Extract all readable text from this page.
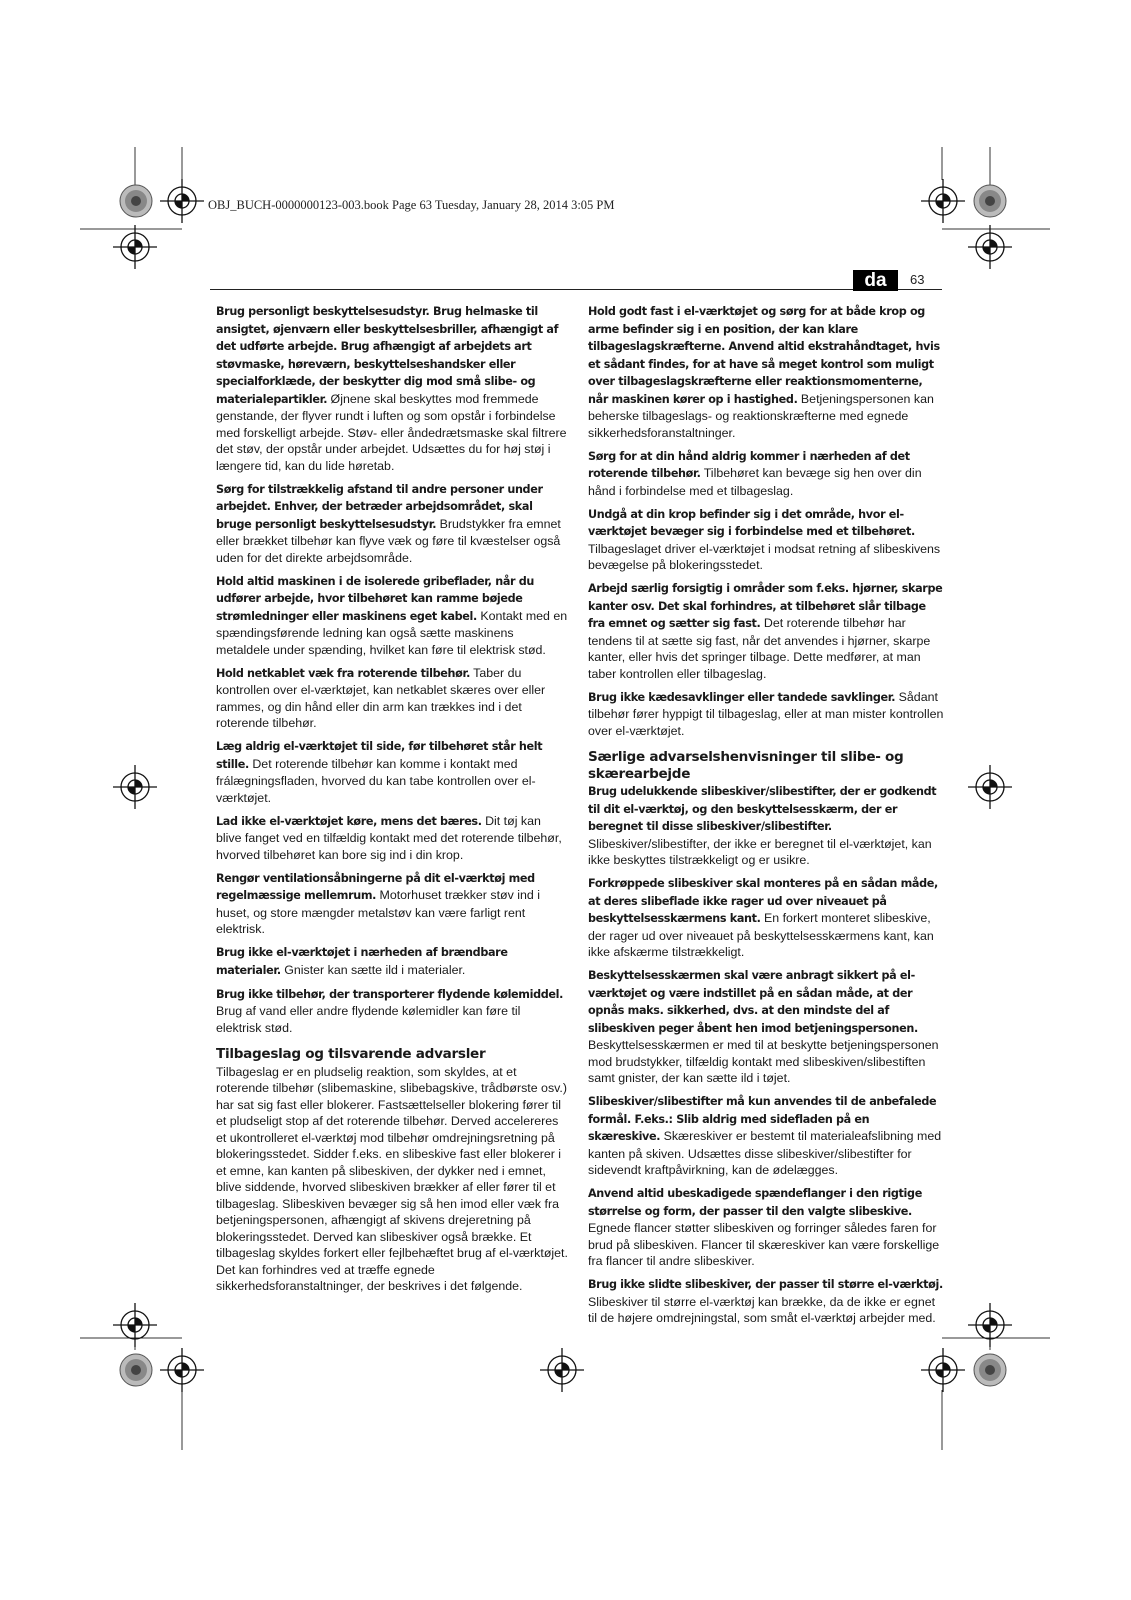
OBJ_BUCH-0000000123-003.book Page 63 Tuesday, January 28, 2014 3:05 PM
da	63

Brug personligt beskyttelsesudstyr. Brug helmaske til ansigtet, øjenværn eller beskyttelsesbriller, afhængigt af det udførte arbejde. Brug afhængigt af arbejdets art støvmaske, høreværn, beskyttelseshandsker eller specialforklæde, der beskytter dig mod små slibe- og materialepartikler. Øjnene skal beskyttes mod fremmede genstande, der flyver rundt i luften og som opstår i forbindelse med forskelligt arbejde. Støv- eller åndedrætsmaske skal filtrere det støv, der opstår under arbejdet. Udsættes du for høj støj i længere tid, kan du lide høretab.

Sørg for tilstrækkelig afstand til andre personer under arbejdet. Enhver, der betræder arbejdsområdet, skal bruge personligt beskyttelsesudstyr. Brudstykker fra emnet eller brækket tilbehør kan flyve væk og føre til kvæstelser også uden for det direkte arbejdsområde.

Hold altid maskinen i de isolerede gribeflader, når du udfører arbejde, hvor tilbehøret kan ramme bøjede strømledninger eller maskinens eget kabel. Kontakt med en spændingsførende ledning kan også sætte maskinens metaldele under spænding, hvilket kan føre til elektrisk stød.

Hold netkablet væk fra roterende tilbehør. Taber du kontrollen over el-værktøjet, kan netkablet skæres over eller rammes, og din hånd eller din arm kan trækkes ind i det roterende tilbehør.

Læg aldrig el-værktøjet til side, før tilbehøret står helt stille. Det roterende tilbehør kan komme i kontakt med frálægningsfladen, hvorved du kan tabe kontrollen over el-værktøjet.

Lad ikke el-værktøjet køre, mens det bæres. Dit tøj kan blive fanget ved en tilfældig kontakt med det roterende tilbehør, hvorved tilbehøret kan bore sig ind i din krop.

Rengør ventilationsåbningerne på dit el-værktøj med regelmæssige mellemrum. Motorhuset trækker støv ind i huset, og store mængder metalstøv kan være farligt rent elektrisk.

Brug ikke el-værktøjet i nærheden af brændbare materialer. Gnister kan sætte ild i materialer.

Brug ikke tilbehør, der transporterer flydende kølemiddel. Brug af vand eller andre flydende kølemidler kan føre til elektrisk stød.

Tilbageslag og tilsvarende advarsler

Tilbageslag er en pludselig reaktion, som skyldes, at et roterende tilbehør (slibemaskine, slibebagskive, trådbørste osv.) har sat sig fast eller blokerer. Fastsættelseller blokering fører til et pludseligt stop af det roterende tilbehør. Derved accelereres et ukontrolleret el-værktøj mod tilbehør omdrejningsretning på blokeringsstedet. Sidder f.eks. en slibeskive fast eller blokerer i et emne, kan kanten på slibeskiven, der dykker ned i emnet, blive siddende, hvorved slibeskiven brækker af eller fører til et tilbageslag. Slibeskiven bevæger sig så hen imod eller væk fra betjeningspersonen, afhængigt af skivens drejeretning på blokeringsstedet. Derved kan slibeskiver også brække. Et tilbageslag skyldes forkert eller fejlbehæftet brug af el-værktøjet. Det kan forhindres ved at træffe egnede sikkerhedsforanstaltninger, der beskrives i det følgende.

Hold godt fast i el-værktøjet og sørg for at både krop og arme befinder sig i en position, der kan klare tilbageslagskræfterne. Anvend altid ekstrahåndtaget, hvis et sådant findes, for at have så meget kontrol som muligt over tilbageslagskræfterne eller reaktionsmomenterne, når maskinen kører op i hastighed. Betjeningspersonen kan beherske tilbageslags- og reaktionskræfterne med egnede sikkerhedsforanstaltninger.

Sørg for at din hånd aldrig kommer i nærheden af det roterende tilbehør. Tilbehøret kan bevæge sig hen over din hånd i forbindelse med et tilbageslag.

Undgå at din krop befinder sig i det område, hvor el-værktøjet bevæger sig i forbindelse med et tilbehøret. Tilbageslaget driver el-værktøjet i modsat retning af slibeskivens bevægelse på blokeringsstedet.

Arbejd særlig forsigtig i områder som f.eks. hjørner, skarpe kanter osv. Det skal forhindres, at tilbehøret slår tilbage fra emnet og sætter sig fast. Det roterende tilbehør har tendens til at sætte sig fast, når det anvendes i hjørner, skarpe kanter, eller hvis det springer tilbage. Dette medfører, at man taber kontrollen eller tilbageslag.

Brug ikke kædesavklinger eller tandede savklinger. Sådant tilbehør fører hyppigt til tilbageslag, eller at man mister kontrollen over el-værktøjet.

Særlige advarselshenvisninger til slibe- og skærearbejde

Brug udelukkende slibeskiver/slibestifter, der er godkendt til dit el-værktøj, og den beskyttelsesskærm, der er beregnet til disse slibeskiver/slibestifter. Slibeskiver/slibestifter, der ikke er beregnet til el-værktøjet, kan ikke beskyttes tilstrækkeligt og er usikre.

Forkrøppede slibeskiver skal monteres på en sådan måde, at deres slibeflade ikke rager ud over niveauet på beskyttelsesskærmens kant. En forkert monteret slibeskive, der rager ud over niveauet på beskyttelsesskærmens kant, kan ikke afskærme tilstrækkeligt.

Beskyttelsesskærmen skal være anbragt sikkert på el-værktøjet og være indstillet på en sådan måde, at der opnås maks. sikkerhed, dvs. at den mindste del af slibeskiven peger åbent hen imod betjeningspersonen. Beskyttelsesskærmen er med til at beskytte betjeningspersonen mod brudstykker, tilfældig kontakt med slibeskiven/slibestiften samt gnister, der kan sætte ild i tøjet.

Slibeskiver/slibestifter må kun anvendes til de anbefalede formål. F.eks.: Slib aldrig med sidefladen på en skæreskive. Skæreskiver er bestemt til materialeafslibning med kanten på skiven. Udsættes disse slibeskiver/slibestifter for sidevendt kraftpåvirkning, kan de ødelægges.

Anvend altid ubeskadigede spændeflanger i den rigtige størrelse og form, der passer til den valgte slibeskive. Egnede flancer støtter slibeskiven og forringer således faren for brud på slibeskiven. Flancer til skæreskiver kan være forskellige fra flancer til andre slibeskiver.

Brug ikke slidte slibeskiver, der passer til større el-værktøj. Slibeskiver til større el-værktøj kan brække, da de ikke er egnet til de højere omdrejningstal, som småt el-værktøj arbejder med.
